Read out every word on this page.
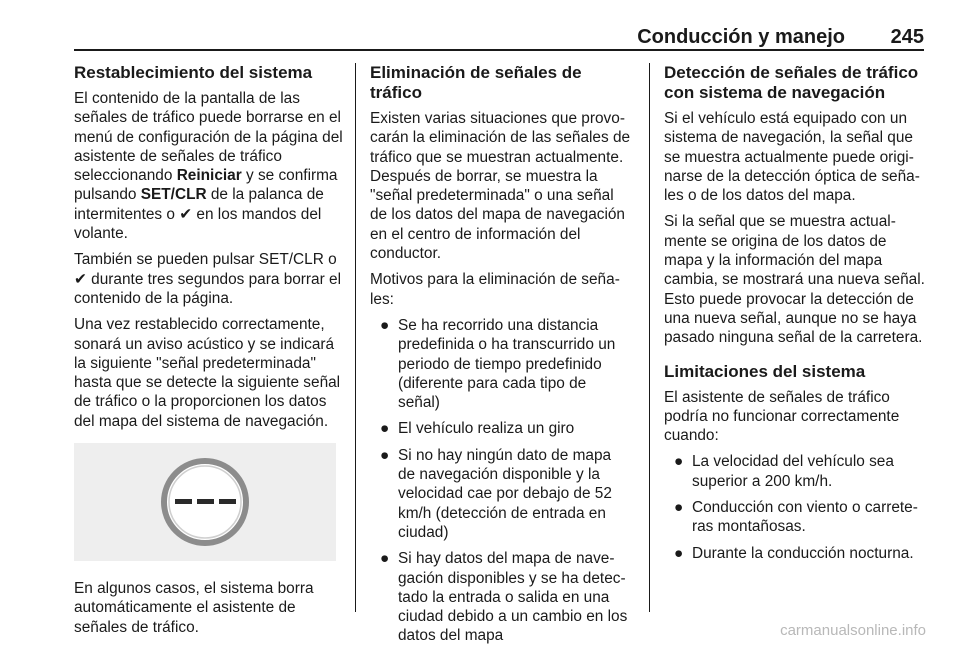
Conducción y manejo 245
Restablecimiento del sistema

El contenido de la pantalla de las señales de tráfico puede borrarse en el menú de configuración de la página del asistente de señales de tráfico seleccionando Reiniciar y se confirma pulsando SET/CLR de la palanca de intermitentes o ✔ en los mandos del volante.

También se pueden pulsar SET/CLR o ✔ durante tres segundos para borrar el contenido de la página.

Una vez restablecido correctamente, sonará un aviso acústico y se indicará la siguiente "señal predeterminada" hasta que se detecte la siguiente señal de tráfico o la proporcionen los datos del mapa del sistema de navegación.

En algunos casos, el sistema borra automáticamente el asistente de señales de tráfico.

Eliminación de señales de tráfico

Existen varias situaciones que provocarán la eliminación de las señales de tráfico que se muestran actualmente. Después de borrar, se muestra la "señal predeterminada" o una señal de los datos del mapa de navegación en el centro de información del conductor.

Motivos para la eliminación de señales:

● Se ha recorrido una distancia predefinida o ha transcurrido un periodo de tiempo predefinido (diferente para cada tipo de señal)
● El vehículo realiza un giro
● Si no hay ningún dato de mapa de navegación disponible y la velocidad cae por debajo de 52 km/h (detección de entrada en ciudad)
● Si hay datos del mapa de navegación disponibles y se ha detectado la entrada o salida en una ciudad debido a un cambio en los datos del mapa
Detección de señales de tráfico con sistema de navegación

Si el vehículo está equipado con un sistema de navegación, la señal que se muestra actualmente puede originarse de la detección óptica de señales o de los datos del mapa.

Si la señal que se muestra actualmente se origina de los datos de mapa y la información del mapa cambia, se mostrará una nueva señal. Esto puede provocar la detección de una nueva señal, aunque no se haya pasado ninguna señal de la carretera.

Limitaciones del sistema

El asistente de señales de tráfico podría no funcionar correctamente cuando:

● La velocidad del vehículo sea superior a 200 km/h.
● Conducción con viento o carreteras montañosas.
● Durante la conducción nocturna.
carmanualsonline.info
